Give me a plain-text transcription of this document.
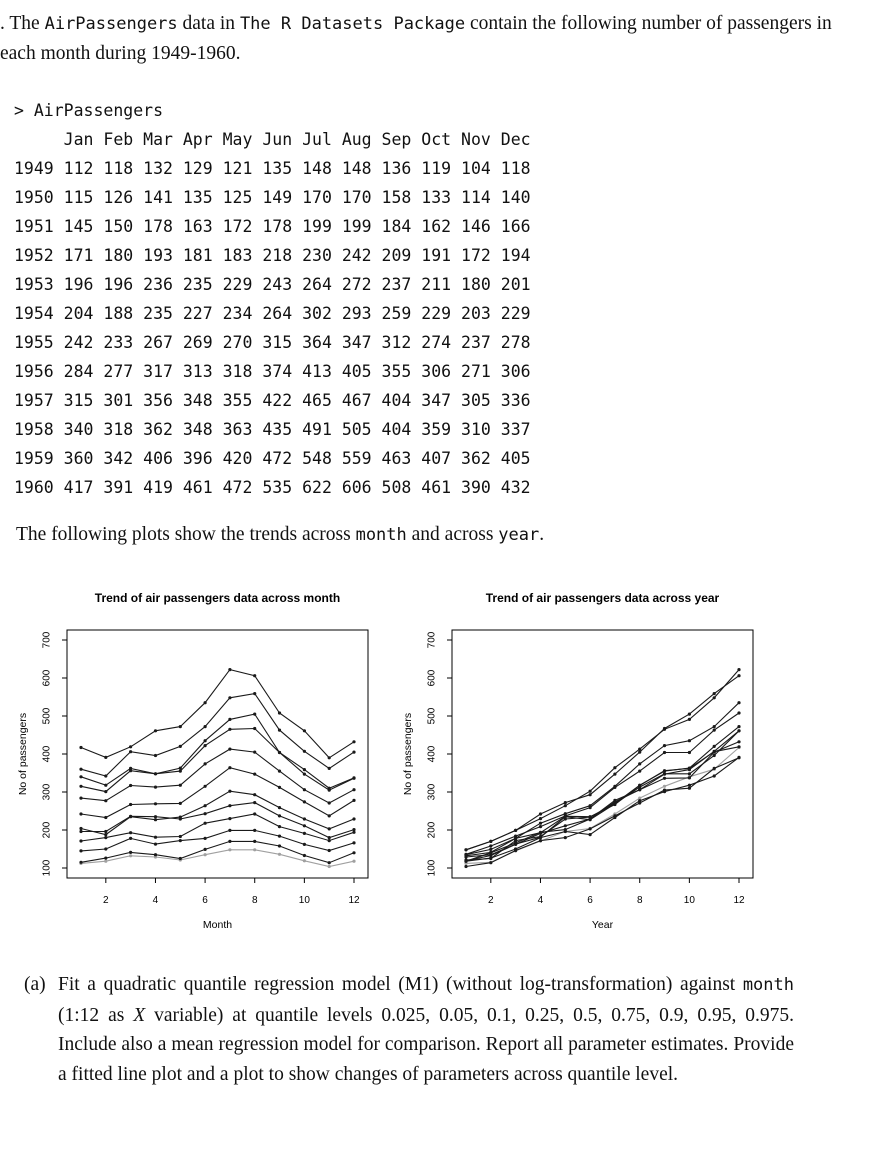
. The AirPassengers data in The R Datasets Package contain the following number of passengers in each month during 1949-1960.
> AirPassengers
Jan Feb Mar Apr May Jun Jul Aug Sep Oct Nov Dec
1949 112 118 132 129 121 135 148 148 136 119 104 118
1950 115 126 141 135 125 149 170 170 158 133 114 140
1951 145 150 178 163 172 178 199 199 184 162 146 166
1952 171 180 193 181 183 218 230 242 209 191 172 194
1953 196 196 236 235 229 243 264 272 237 211 180 201
1954 204 188 235 227 234 264 302 293 259 229 203 229
1955 242 233 267 269 270 315 364 347 312 274 237 278
1956 284 277 317 313 318 374 413 405 355 306 271 306
1957 315 301 356 348 355 422 465 467 404 347 305 336
1958 340 318 362 348 363 435 491 505 404 359 310 337
1959 360 342 406 396 420 472 548 559 463 407 362 405
1960 417 391 419 461 472 535 622 606 508 461 390 432
The following plots show the trends across month and across year.
Trend of air passengers data across month
2	4	6	8	10	12
100
200
300
400
500
600
700
Month
No of passengers
Trend of air passengers data across year
2	4	6	8	10	12
100
200
300
400
500
600
700
Year
No of passengers
(a) Fit a quadratic quantile regression model (M1) (without log-transformation) against month (1:12 as X variable) at quantile levels 0.025, 0.05, 0.1, 0.25, 0.5, 0.75, 0.9, 0.95, 0.975. Include also a mean regression model for comparison. Report all parameter estimates. Provide a fitted line plot and a plot to show changes of parameters across quantile level.
